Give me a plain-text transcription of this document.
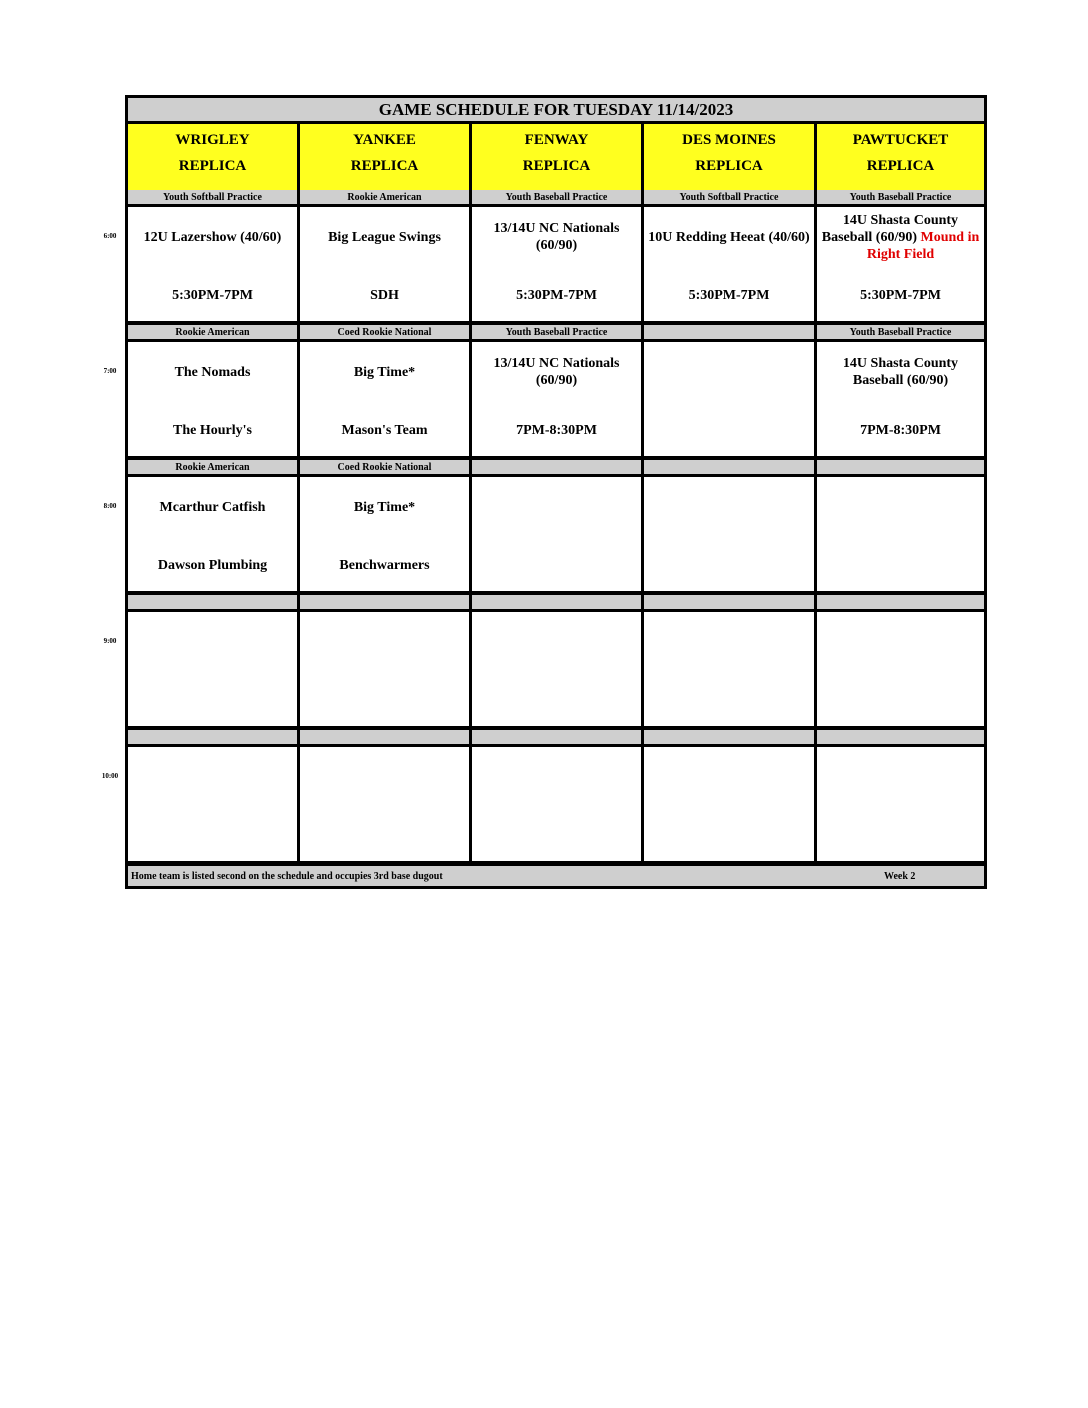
GAME SCHEDULE FOR TUESDAY 11/14/2023
WRIGLEY
REPLICA
YANKEE
REPLICA
FENWAY
REPLICA
DES MOINES
REPLICA
PAWTUCKET
REPLICA
Youth Softball Practice
12U Lazershow (40/60)
5:30PM-7PM
Rookie American
Big League Swings
SDH
Youth Baseball Practice
13/14U NC Nationals (60/90)
5:30PM-7PM
Youth Softball Practice
10U Redding Heeat (40/60)
5:30PM-7PM
Youth Baseball Practice
14U Shasta County Baseball (60/90) Mound in Right Field
5:30PM-7PM
Rookie American
The Nomads
The Hourly's
Coed Rookie National
Big Time*
Mason's Team
Youth Baseball Practice
13/14U NC Nationals (60/90)
7PM-8:30PM
Youth Baseball Practice
14U Shasta County Baseball (60/90)
7PM-8:30PM
Rookie American
Mcarthur Catfish
Dawson Plumbing
Coed Rookie National
Big Time*
Benchwarmers
Home team is listed second on the schedule and occupies 3rd base dugout	Week 2
6:00
7:00
8:00
9:00
10:00
